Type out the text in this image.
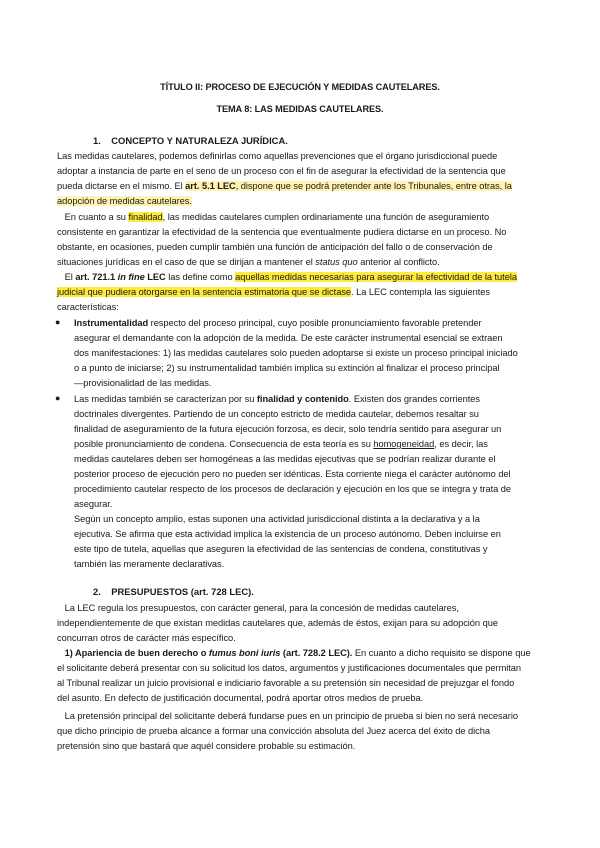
TÍTULO II: PROCESO DE EJECUCIÓN Y MEDIDAS CAUTELARES.
TEMA 8: LAS MEDIDAS CAUTELARES.
1. CONCEPTO Y NATURALEZA JURÍDICA.
Las medidas cautelares, podemos definirlas como aquellas prevenciones que el órgano jurisdiccional puede
adoptar a instancia de parte en el seno de un proceso con el fin de asegurar la efectividad de la sentencia que
pueda dictarse en el mismo. El art. 5.1 LEC, dispone que se podrá pretender ante los Tribunales, entre otras, la
adopción de medidas cautelares.
En cuanto a su finalidad, las medidas cautelares cumplen ordinariamente una función de aseguramiento
consistente en garantizar la efectividad de la sentencia que eventualmente pudiera dictarse en un proceso. No
obstante, en ocasiones, pueden cumplir también una función de anticipación del fallo o de conservación de
situaciones jurídicas en el caso de que se dirijan a mantener el status quo anterior al conflicto.
El art. 721.1 in fine LEC las define como aquellas medidas necesarias para asegurar la efectividad de la tutela
judicial que pudiera otorgarse en la sentencia estimatoria que se dictase. La LEC contempla las siguientes
características:
● Instrumentalidad respecto del proceso principal, cuyo posible pronunciamiento favorable pretender
asegurar el demandante con la adopción de la medida. De este carácter instrumental esencial se extraen
dos manifestaciones: 1) las medidas cautelares solo pueden adoptarse si existe un proceso principal iniciado
o a punto de iniciarse; 2) su instrumentalidad también implica su extinción al finalizar el proceso principal
—provisionalidad de las medidas.
● Las medidas también se caracterizan por su finalidad y contenido. Existen dos grandes corrientes
doctrinales divergentes. Partiendo de un concepto estricto de medida cautelar, debemos resaltar su
finalidad de aseguramiento de la futura ejecución forzosa, es decir, solo tendría sentido para asegurar un
posible pronunciamiento de condena. Consecuencia de esta teoría es su homogeneidad, es decir, las
medidas cautelares deben ser homogéneas a las medidas ejecutivas que se podrían realizar durante el
posterior proceso de ejecución pero no pueden ser idénticas. Esta corriente niega el carácter autónomo del
procedimiento cautelar respecto de los procesos de declaración y ejecución en los que se integra y trata de
asegurar.
Según un concepto amplio, estas suponen una actividad jurisdiccional distinta a la declarativa y a la
ejecutiva. Se afirma que esta actividad implica la existencia de un proceso autónomo. Deben incluirse en
este tipo de tutela, aquellas que aseguren la efectividad de las sentencias de condena, constitutivas y
también las meramente declarativas.
2. PRESUPUESTOS (art. 728 LEC).
La LEC regula los presupuestos, con carácter general, para la concesión de medidas cautelares,
independientemente de que existan medidas cautelares que, además de éstos, exijan para su adopción que
concurran otros de carácter más específico.
1) Apariencia de buen derecho o fumus boni iuris (art. 728.2 LEC). En cuanto a dicho requisito se dispone que
el solicitante deberá presentar con su solicitud los datos, argumentos y justificaciones documentales que permitan
al Tribunal realizar un juicio provisional e indiciario favorable a su pretensión sin necesidad de prejuzgar el fondo
del asunto. En defecto de justificación documental, podrá aportar otros medios de prueba.
La pretensión principal del solicitante deberá fundarse pues en un principio de prueba si bien no será necesario
que dicho principio de prueba alcance a formar una convicción absoluta del Juez acerca del éxito de dicha
pretensión sino que bastará que aquél considere probable su estimación.
